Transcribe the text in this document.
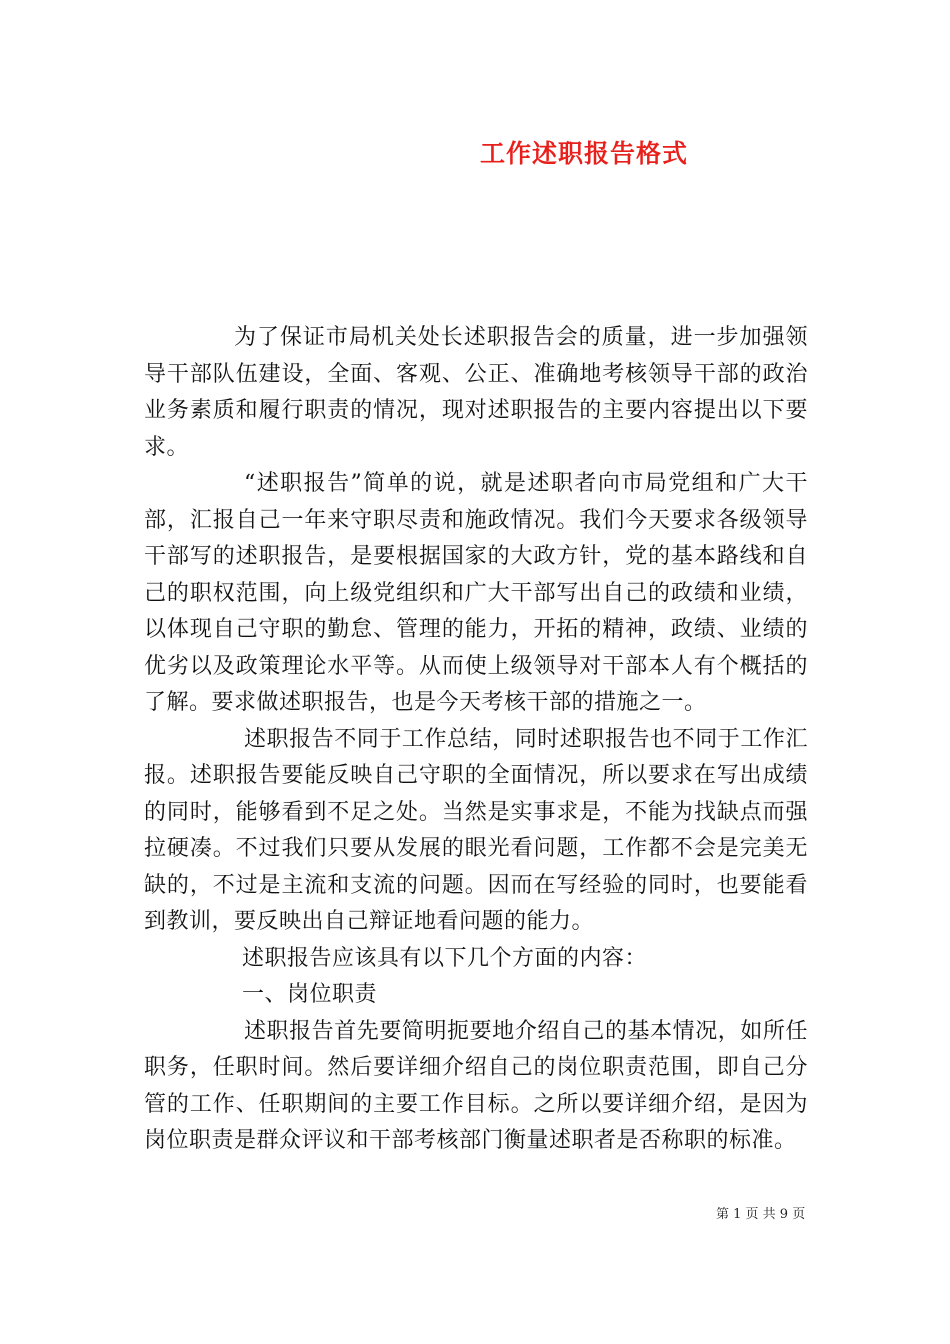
工作述职报告格式

为了保证市局机关处长述职报告会的质量，进一步加强领导干部队伍建设，全面、客观、公正、准确地考核领导干部的政治业务素质和履行职责的情况，现对述职报告的主要内容提出以下要求。

“述职报告”简单的说，就是述职者向市局党组和广大干部，汇报自己一年来守职尽责和施政情况。我们今天要求各级领导干部写的述职报告，是要根据国家的大政方针，党的基本路线和自己的职权范围，向上级党组织和广大干部写出自己的政绩和业绩，以体现自己守职的勤怠、管理的能力，开拓的精神，政绩、业绩的优劣以及政策理论水平等。从而使上级领导对干部本人有个概括的了解。要求做述职报告，也是今天考核干部的措施之一。

述职报告不同于工作总结，同时述职报告也不同于工作汇报。述职报告要能反映自己守职的全面情况，所以要求在写出成绩的同时，能够看到不足之处。当然是实事求是，不能为找缺点而强拉硬凑。不过我们只要从发展的眼光看问题，工作都不会是完美无缺的，不过是主流和支流的问题。因而在写经验的同时，也要能看到教训，要反映出自己辩证地看问题的能力。

述职报告应该具有以下几个方面的内容：

一、岗位职责

述职报告首先要简明扼要地介绍自己的基本情况，如所任职务，任职时间。然后要详细介绍自己的岗位职责范围，即自己分管的工作、任职期间的主要工作目标。之所以要详细介绍，是因为岗位职责是群众评议和干部考核部门衡量述职者是否称职的标准。

第 1 页 共 9 页
